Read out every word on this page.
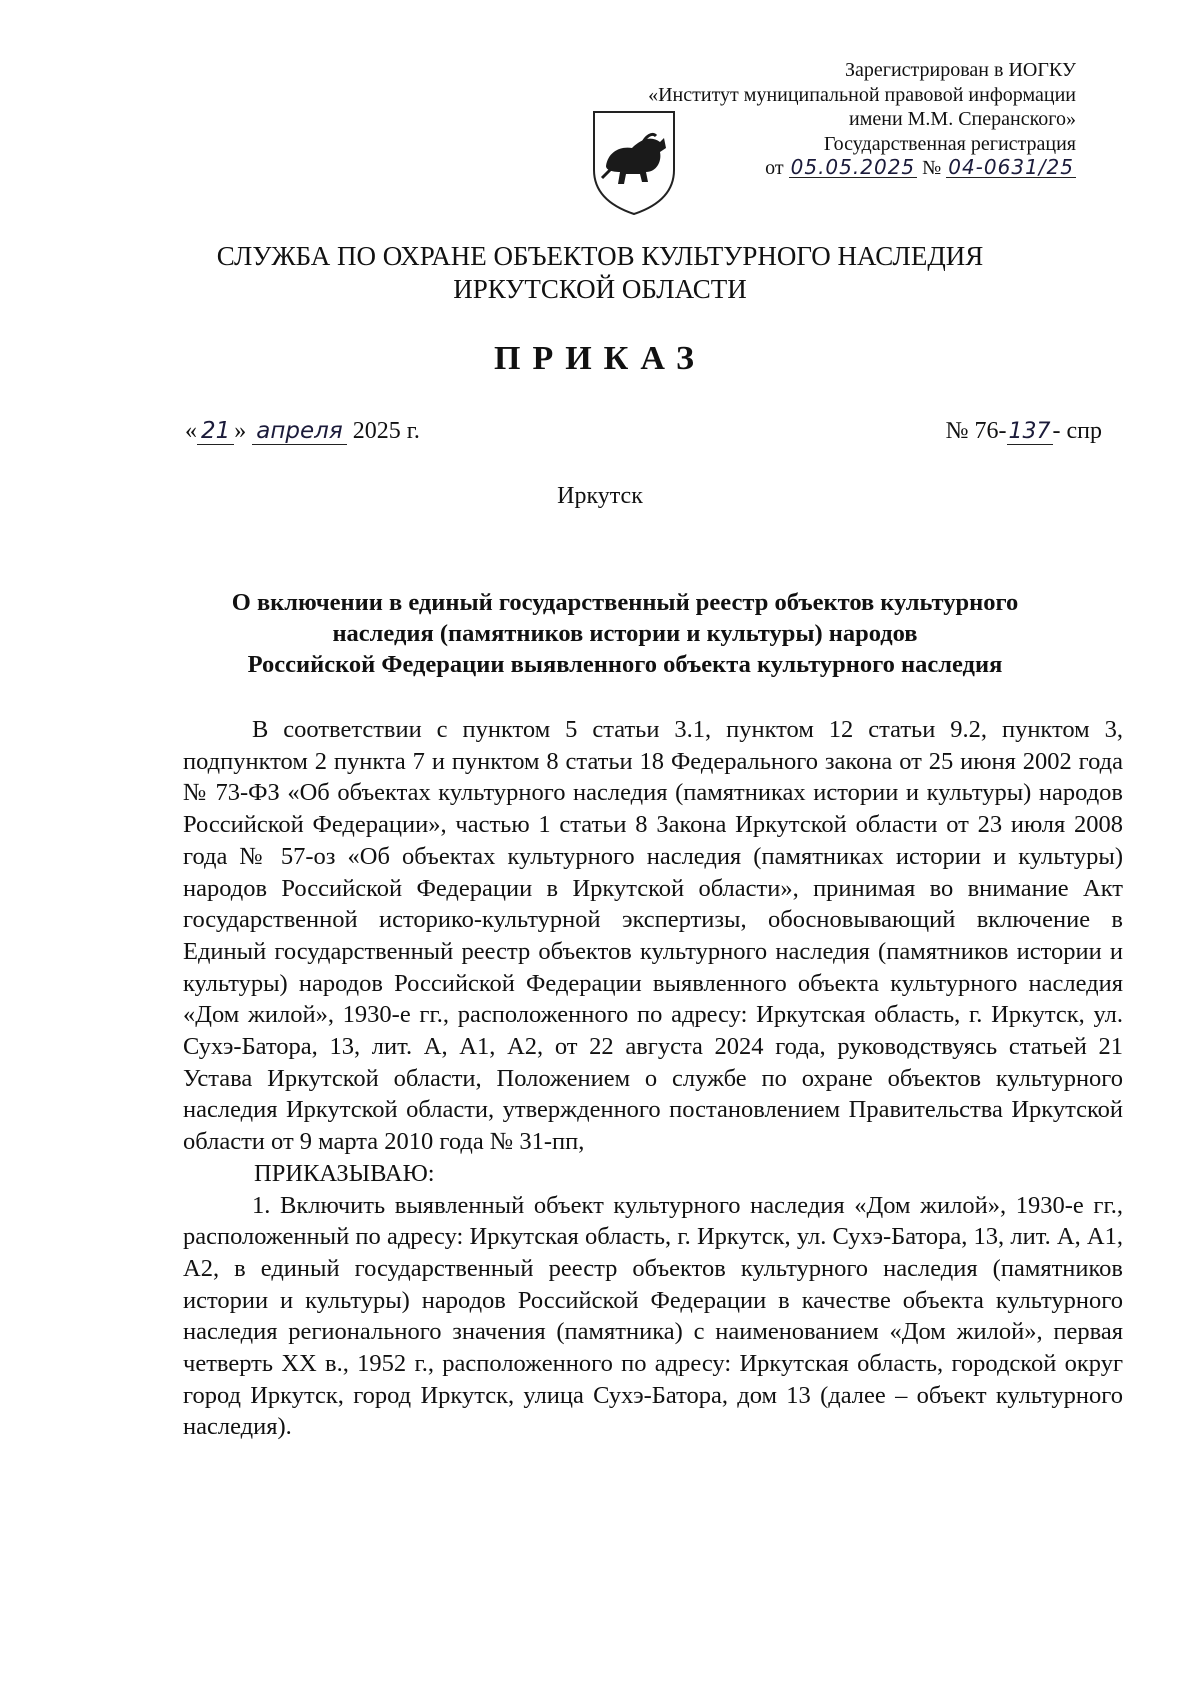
Зарегистрирован в ИОГКУ
«Институт муниципальной правовой информации
имени М.М. Сперанского»
Государственная регистрация
от 05.05.2025 № 04-0631/25
СЛУЖБА ПО ОХРАНЕ ОБЪЕКТОВ КУЛЬТУРНОГО НАСЛЕДИЯ
ИРКУТСКОЙ ОБЛАСТИ
ПРИКАЗ
« 21 » апреля 2025 г.	№ 76-137- спр
Иркутск
О включении в единый государственный реестр объектов культурного
наследия (памятников истории и культуры) народов
Российской Федерации выявленного объекта культурного наследия

В соответствии с пунктом 5 статьи 3.1, пунктом 12 статьи 9.2, пунктом 3, подпунктом 2 пункта 7 и пунктом 8 статьи 18 Федерального закона от 25 июня 2002 года № 73-ФЗ «Об объектах культурного наследия (памятниках истории и культуры) народов Российской Федерации», частью 1 статьи 8 Закона Иркутской области от 23 июля 2008 года № 57-оз «Об объектах культурного наследия (памятниках истории и культуры) народов Российской Федерации в Иркутской области», принимая во внимание Акт государственной историко-культурной экспертизы, обосновывающий включение в Единый государственный реестр объектов культурного наследия (памятников истории и культуры) народов Российской Федерации выявленного объекта культурного наследия «Дом жилой», 1930-е гг., расположенного по адресу: Иркутская область, г. Иркутск, ул. Сухэ-Батора, 13, лит. А, А1, А2, от 22 августа 2024 года, руководствуясь статьей 21 Устава Иркутской области, Положением о службе по охране объектов культурного наследия Иркутской области, утвержденного постановлением Правительства Иркутской области от 9 марта 2010 года № 31-пп,

ПРИКАЗЫВАЮ:

1. Включить выявленный объект культурного наследия «Дом жилой», 1930-е гг., расположенный по адресу: Иркутская область, г. Иркутск, ул. Сухэ-Батора, 13, лит. А, А1, А2, в единый государственный реестр объектов культурного наследия (памятников истории и культуры) народов Российской Федерации в качестве объекта культурного наследия регионального значения (памятника) с наименованием «Дом жилой», первая четверть XX в., 1952 г., расположенного по адресу: Иркутская область, городской округ город Иркутск, город Иркутск, улица Сухэ-Батора, дом 13 (далее – объект культурного наследия).
